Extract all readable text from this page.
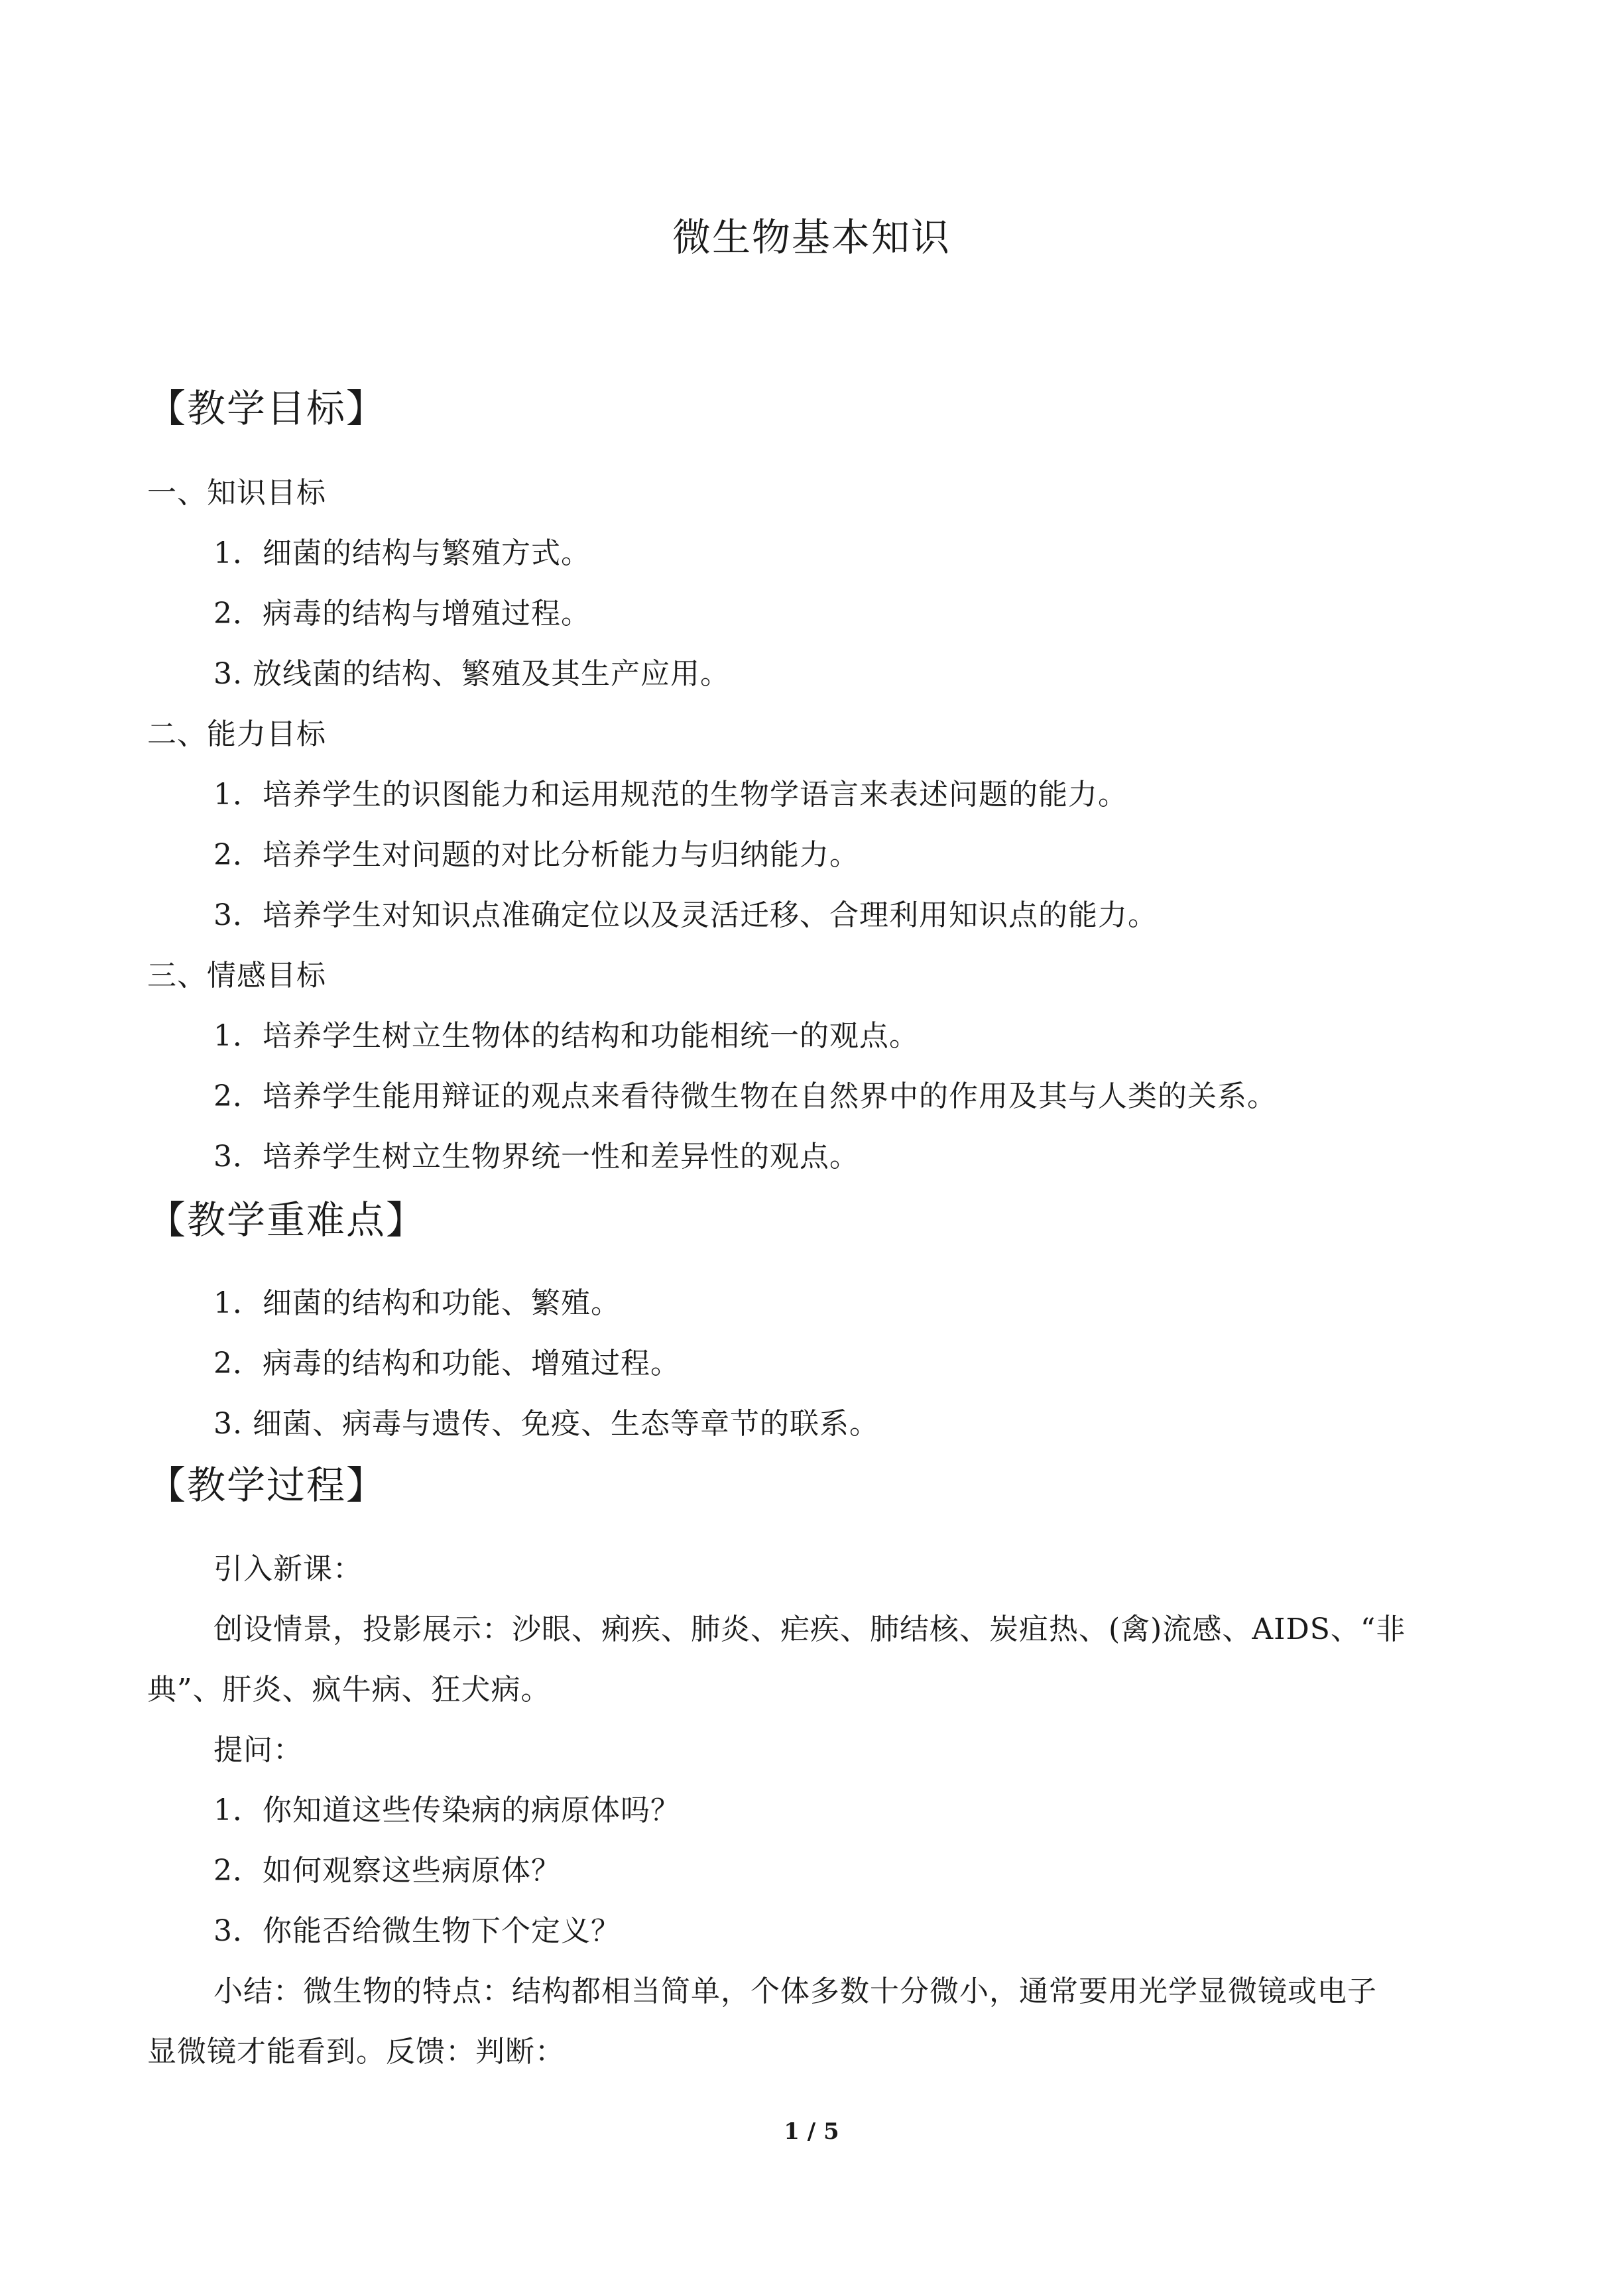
微生物基本知识
【教学目标】
一、知识目标
1．细菌的结构与繁殖方式。
2．病毒的结构与增殖过程。
3. 放线菌的结构、繁殖及其生产应用。
二、能力目标
1．培养学生的识图能力和运用规范的生物学语言来表述问题的能力。
2．培养学生对问题的对比分析能力与归纳能力。
3．培养学生对知识点准确定位以及灵活迁移、合理利用知识点的能力。
三、情感目标
1．培养学生树立生物体的结构和功能相统一的观点。
2．培养学生能用辩证的观点来看待微生物在自然界中的作用及其与人类的关系。
3．培养学生树立生物界统一性和差异性的观点。
【教学重难点】
1．细菌的结构和功能、繁殖。
2．病毒的结构和功能、增殖过程。
3. 细菌、病毒与遗传、免疫、生态等章节的联系。
【教学过程】
引入新课：
创设情景，投影展示：沙眼、痢疾、肺炎、疟疾、肺结核、炭疽热、(禽)流感、AIDS、“非
典”、肝炎、疯牛病、狂犬病。
提问：
1．你知道这些传染病的病原体吗？
2．如何观察这些病原体？
3．你能否给微生物下个定义？
小结：微生物的特点：结构都相当简单，个体多数十分微小，通常要用光学显微镜或电子
显微镜才能看到。反馈：判断：
1 / 5
